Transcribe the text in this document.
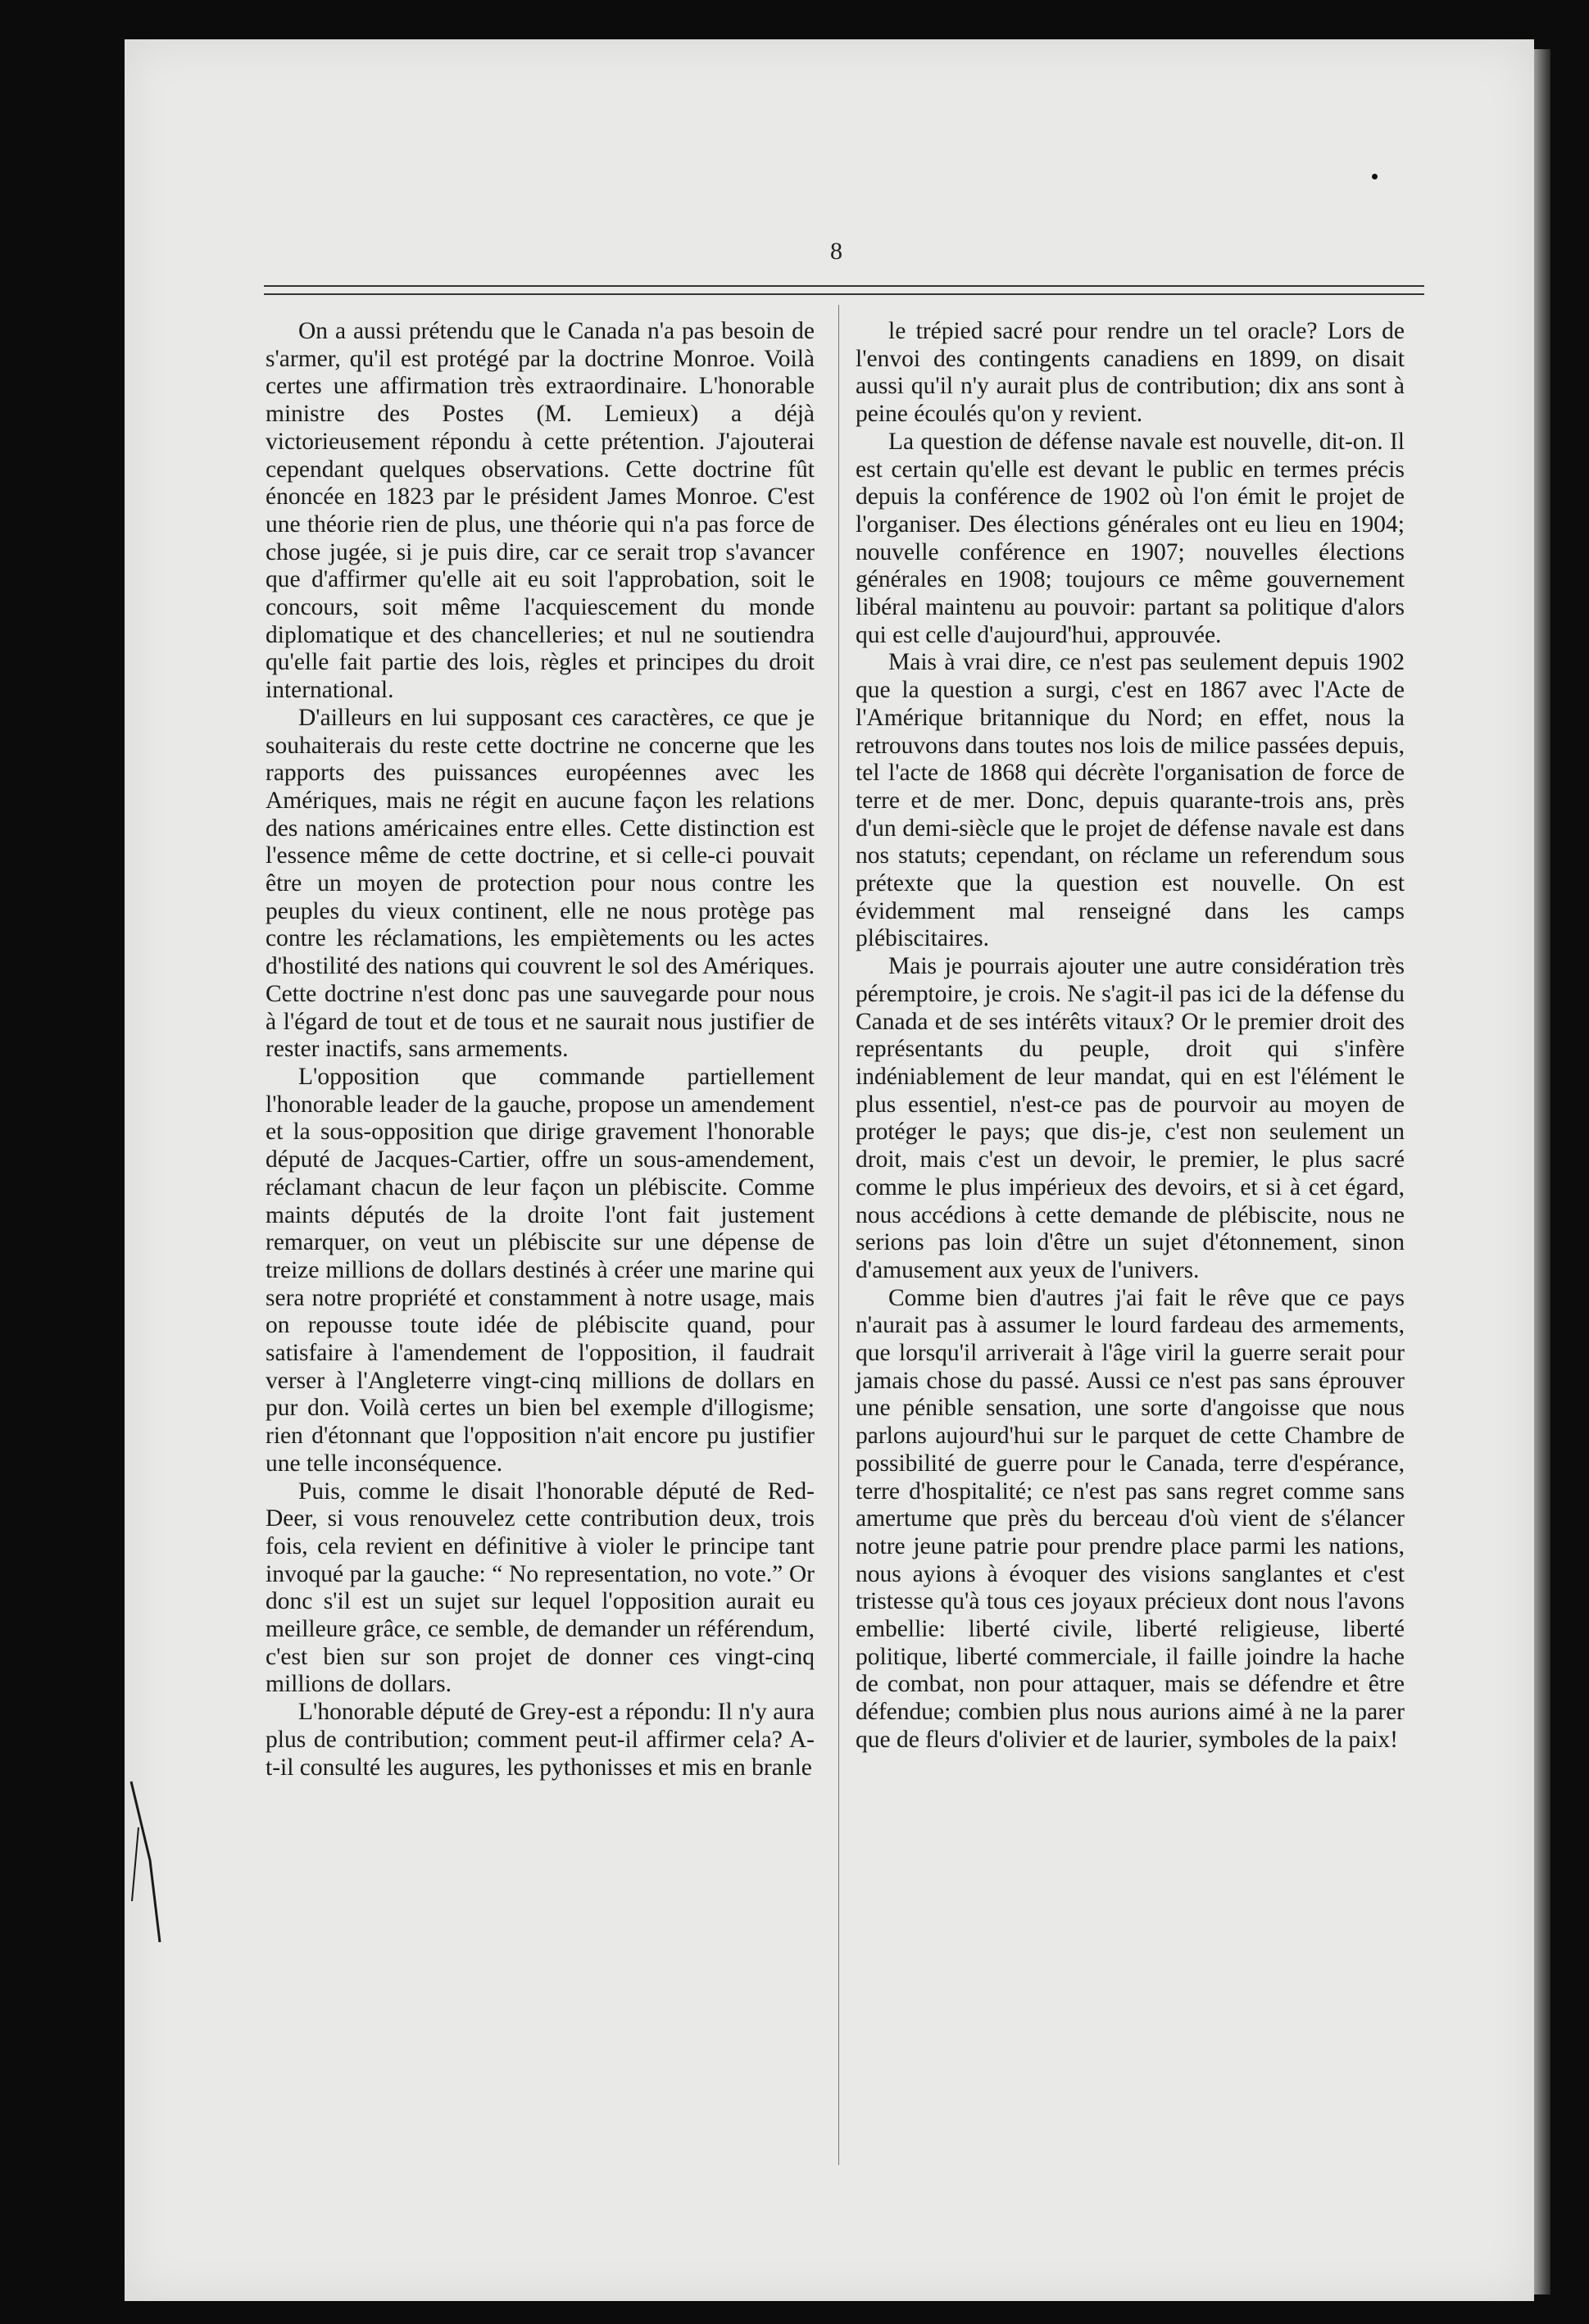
8

On a aussi prétendu que le Canada n'a pas besoin de s'armer, qu'il est protégé par la doctrine Monroe. Voilà certes une affirmation très extraordinaire. L'honorable ministre des Postes (M. Lemieux) a déjà victorieusement répondu à cette prétention. J'ajouterai cependant quelques observations. Cette doctrine fût énoncée en 1823 par le président James Monroe. C'est une théorie rien de plus, une théorie qui n'a pas force de chose jugée, si je puis dire, car ce serait trop s'avancer que d'affirmer qu'elle ait eu soit l'approbation, soit le concours, soit même l'acquiescement du monde diplomatique et des chancelleries; et nul ne soutiendra qu'elle fait partie des lois, règles et principes du droit international.

D'ailleurs en lui supposant ces caractères, ce que je souhaiterais du reste cette doctrine ne concerne que les rapports des puissances européennes avec les Amériques, mais ne régit en aucune façon les relations des nations américaines entre elles. Cette distinction est l'essence même de cette doctrine, et si celle-ci pouvait être un moyen de protection pour nous contre les peuples du vieux continent, elle ne nous protège pas contre les réclamations, les empiètements ou les actes d'hostilité des nations qui couvrent le sol des Amériques. Cette doctrine n'est donc pas une sauvegarde pour nous à l'égard de tout et de tous et ne saurait nous justifier de rester inactifs, sans armements.

L'opposition que commande partiellement l'honorable leader de la gauche, propose un amendement et la sous-opposition que dirige gravement l'honorable député de Jacques-Cartier, offre un sous-amendement, réclamant chacun de leur façon un plébiscite. Comme maints députés de la droite l'ont fait justement remarquer, on veut un plébiscite sur une dépense de treize millions de dollars destinés à créer une marine qui sera notre propriété et constamment à notre usage, mais on repousse toute idée de plébiscite quand, pour satisfaire à l'amendement de l'opposition, il faudrait verser à l'Angleterre vingt-cinq millions de dollars en pur don. Voilà certes un bien bel exemple d'illogisme; rien d'étonnant que l'opposition n'ait encore pu justifier une telle inconséquence.

Puis, comme le disait l'honorable député de Red-Deer, si vous renouvelez cette contribution deux, trois fois, cela revient en définitive à violer le principe tant invoqué par la gauche: “ No representation, no vote.” Or donc s'il est un sujet sur lequel l'opposition aurait eu meilleure grâce, ce semble, de demander un référendum, c'est bien sur son projet de donner ces vingt-cinq millions de dollars.

L'honorable député de Grey-est a répondu: Il n'y aura plus de contribution; comment peut-il affirmer cela? A-t-il consulté les augures, les pythonisses et mis en branle

le trépied sacré pour rendre un tel oracle? Lors de l'envoi des contingents canadiens en 1899, on disait aussi qu'il n'y aurait plus de contribution; dix ans sont à peine écoulés qu'on y revient.

La question de défense navale est nouvelle, dit-on. Il est certain qu'elle est devant le public en termes précis depuis la conférence de 1902 où l'on émit le projet de l'organiser. Des élections générales ont eu lieu en 1904; nouvelle conférence en 1907; nouvelles élections générales en 1908; toujours ce même gouvernement libéral maintenu au pouvoir: partant sa politique d'alors qui est celle d'aujourd'hui, approuvée.

Mais à vrai dire, ce n'est pas seulement depuis 1902 que la question a surgi, c'est en 1867 avec l'Acte de l'Amérique britannique du Nord; en effet, nous la retrouvons dans toutes nos lois de milice passées depuis, tel l'acte de 1868 qui décrète l'organisation de force de terre et de mer. Donc, depuis quarante-trois ans, près d'un demi-siècle que le projet de défense navale est dans nos statuts; cependant, on réclame un referendum sous prétexte que la question est nouvelle. On est évidemment mal renseigné dans les camps plébiscitaires.

Mais je pourrais ajouter une autre considération très péremptoire, je crois. Ne s'agit-il pas ici de la défense du Canada et de ses intérêts vitaux? Or le premier droit des représentants du peuple, droit qui s'infère indéniablement de leur mandat, qui en est l'élément le plus essentiel, n'est-ce pas de pourvoir au moyen de protéger le pays; que dis-je, c'est non seulement un droit, mais c'est un devoir, le premier, le plus sacré comme le plus impérieux des devoirs, et si à cet égard, nous accédions à cette demande de plébiscite, nous ne serions pas loin d'être un sujet d'étonnement, sinon d'amusement aux yeux de l'univers.

Comme bien d'autres j'ai fait le rêve que ce pays n'aurait pas à assumer le lourd fardeau des armements, que lorsqu'il arriverait à l'âge viril la guerre serait pour jamais chose du passé. Aussi ce n'est pas sans éprouver une pénible sensation, une sorte d'angoisse que nous parlons aujourd'hui sur le parquet de cette Chambre de possibilité de guerre pour le Canada, terre d'espérance, terre d'hospitalité; ce n'est pas sans regret comme sans amertume que près du berceau d'où vient de s'élancer notre jeune patrie pour prendre place parmi les nations, nous ayions à évoquer des visions sanglantes et c'est tristesse qu'à tous ces joyaux précieux dont nous l'avons embellie: liberté civile, liberté religieuse, liberté politique, liberté commerciale, il faille joindre la hache de combat, non pour attaquer, mais se défendre et être défendue; combien plus nous aurions aimé à ne la parer que de fleurs d'olivier et de laurier, symboles de la paix!
